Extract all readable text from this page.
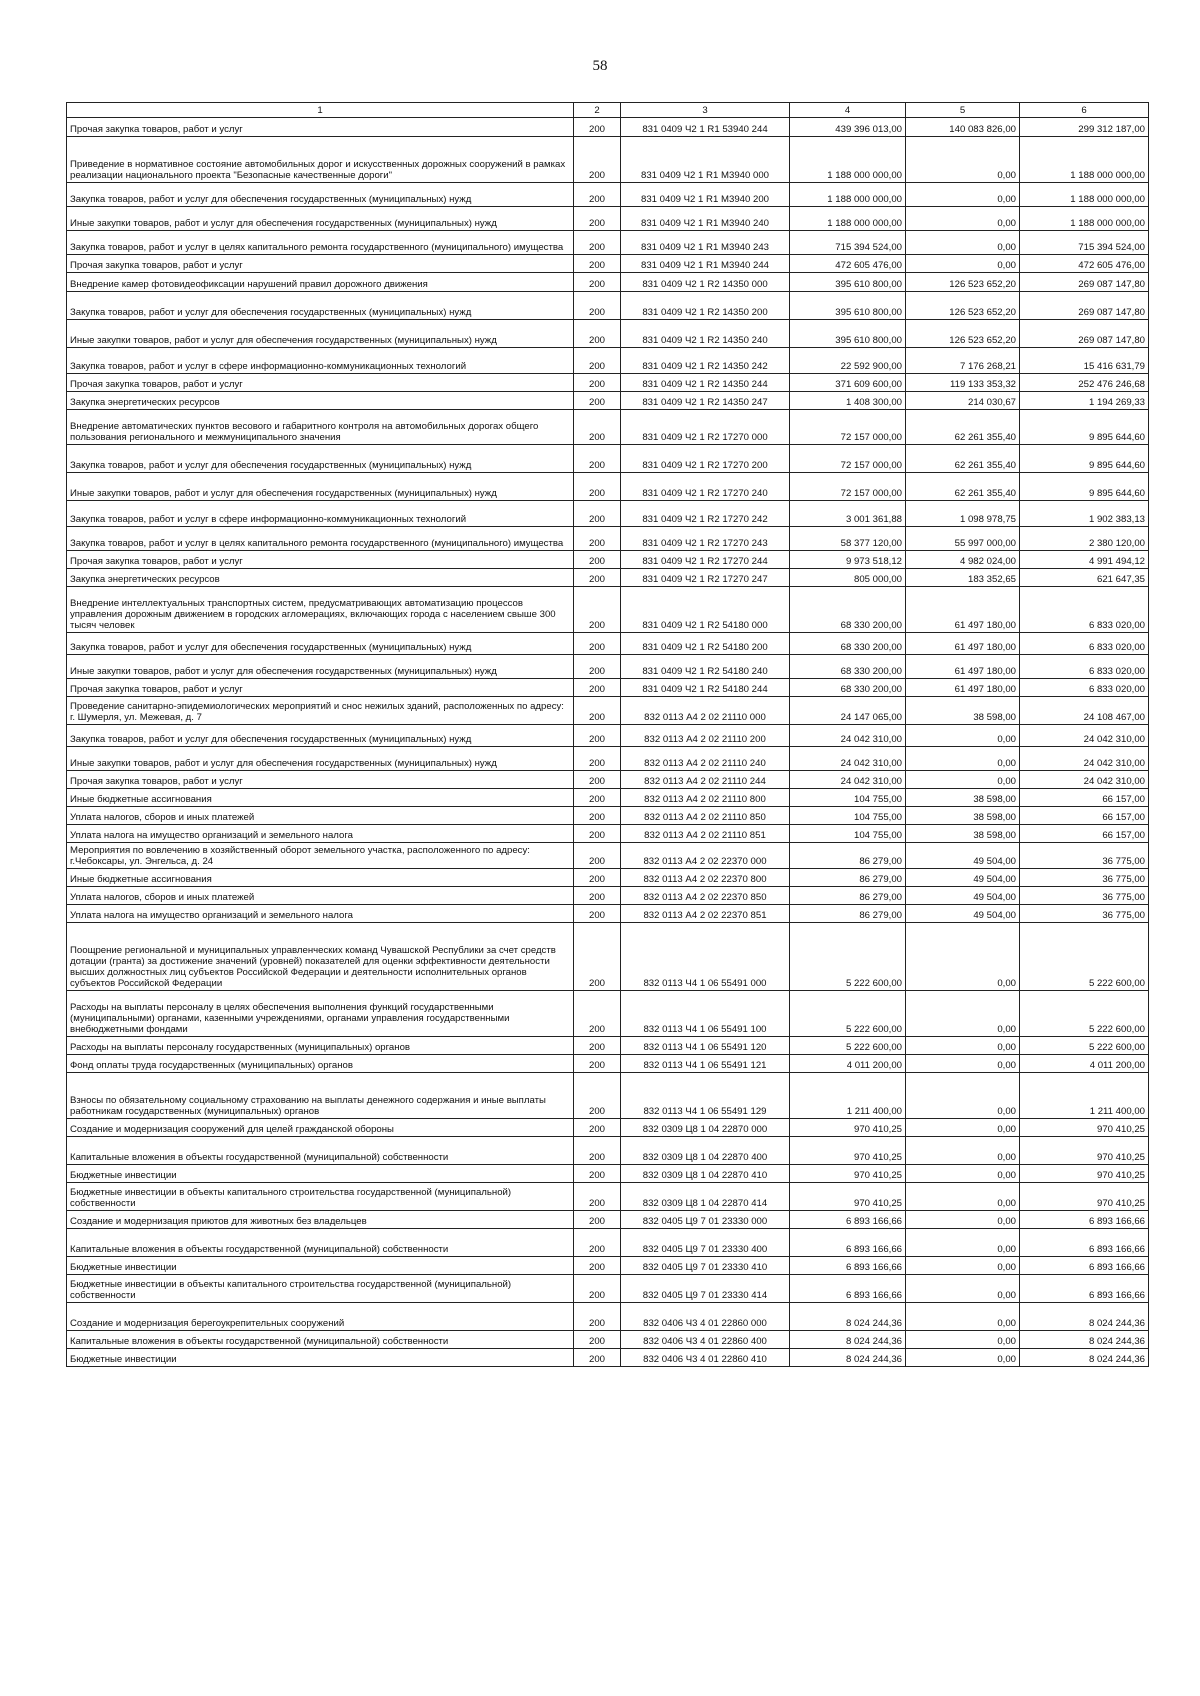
58
1	2	3	4	5	6
Прочая закупка товаров, работ и услуг	200	831 0409 Ч2 1 R1 53940 244	439 396 013,00	140 083 826,00	299 312 187,00
Приведение в нормативное состояние автомобильных дорог и искусственных дорожных сооружений в рамках реализации национального проекта "Безопасные качественные дороги"	200	831 0409 Ч2 1 R1 M3940 000	1 188 000 000,00	0,00	1 188 000 000,00
Закупка товаров, работ и услуг для обеспечения государственных (муниципальных) нужд	200	831 0409 Ч2 1 R1 M3940 200	1 188 000 000,00	0,00	1 188 000 000,00
Иные закупки товаров, работ и услуг для обеспечения государственных (муниципальных) нужд	200	831 0409 Ч2 1 R1 M3940 240	1 188 000 000,00	0,00	1 188 000 000,00
Закупка товаров, работ и услуг в целях капитального ремонта государственного (муниципального) имущества	200	831 0409 Ч2 1 R1 M3940 243	715 394 524,00	0,00	715 394 524,00
Прочая закупка товаров, работ и услуг	200	831 0409 Ч2 1 R1 M3940 244	472 605 476,00	0,00	472 605 476,00
Внедрение камер фотовидеофиксации нарушений правил дорожного движения	200	831 0409 Ч2 1 R2 14350 000	395 610 800,00	126 523 652,20	269 087 147,80
Закупка товаров, работ и услуг для обеспечения государственных (муниципальных) нужд	200	831 0409 Ч2 1 R2 14350 200	395 610 800,00	126 523 652,20	269 087 147,80
Иные закупки товаров, работ и услуг для обеспечения государственных (муниципальных) нужд	200	831 0409 Ч2 1 R2 14350 240	395 610 800,00	126 523 652,20	269 087 147,80
Закупка товаров, работ и услуг в сфере информационно-коммуникационных технологий	200	831 0409 Ч2 1 R2 14350 242	22 592 900,00	7 176 268,21	15 416 631,79
Прочая закупка товаров, работ и услуг	200	831 0409 Ч2 1 R2 14350 244	371 609 600,00	119 133 353,32	252 476 246,68
Закупка энергетических ресурсов	200	831 0409 Ч2 1 R2 14350 247	1 408 300,00	214 030,67	1 194 269,33
Внедрение автоматических пунктов весового и габаритного контроля на автомобильных дорогах общего пользования регионального и межмуниципального значения	200	831 0409 Ч2 1 R2 17270 000	72 157 000,00	62 261 355,40	9 895 644,60
Закупка товаров, работ и услуг для обеспечения государственных (муниципальных) нужд	200	831 0409 Ч2 1 R2 17270 200	72 157 000,00	62 261 355,40	9 895 644,60
Иные закупки товаров, работ и услуг для обеспечения государственных (муниципальных) нужд	200	831 0409 Ч2 1 R2 17270 240	72 157 000,00	62 261 355,40	9 895 644,60
Закупка товаров, работ и услуг в сфере информационно-коммуникационных технологий	200	831 0409 Ч2 1 R2 17270 242	3 001 361,88	1 098 978,75	1 902 383,13
Закупка товаров, работ и услуг в целях капитального ремонта государственного (муниципального) имущества	200	831 0409 Ч2 1 R2 17270 243	58 377 120,00	55 997 000,00	2 380 120,00
Прочая закупка товаров, работ и услуг	200	831 0409 Ч2 1 R2 17270 244	9 973 518,12	4 982 024,00	4 991 494,12
Закупка энергетических ресурсов	200	831 0409 Ч2 1 R2 17270 247	805 000,00	183 352,65	621 647,35
Внедрение интеллектуальных транспортных систем, предусматривающих автоматизацию процессов управления дорожным движением в городских агломерациях, включающих города с населением свыше 300 тысяч человек	200	831 0409 Ч2 1 R2 54180 000	68 330 200,00	61 497 180,00	6 833 020,00
Закупка товаров, работ и услуг для обеспечения государственных (муниципальных) нужд	200	831 0409 Ч2 1 R2 54180 200	68 330 200,00	61 497 180,00	6 833 020,00
Иные закупки товаров, работ и услуг для обеспечения государственных (муниципальных) нужд	200	831 0409 Ч2 1 R2 54180 240	68 330 200,00	61 497 180,00	6 833 020,00
Прочая закупка товаров, работ и услуг	200	831 0409 Ч2 1 R2 54180 244	68 330 200,00	61 497 180,00	6 833 020,00
Проведение санитарно-эпидемиологических мероприятий и снос нежилых зданий, расположенных по адресу: г. Шумерля, ул. Межевая, д. 7	200	832 0113 А4 2 02 21110 000	24 147 065,00	38 598,00	24 108 467,00
Закупка товаров, работ и услуг для обеспечения государственных (муниципальных) нужд	200	832 0113 А4 2 02 21110 200	24 042 310,00	0,00	24 042 310,00
Иные закупки товаров, работ и услуг для обеспечения государственных (муниципальных) нужд	200	832 0113 А4 2 02 21110 240	24 042 310,00	0,00	24 042 310,00
Прочая закупка товаров, работ и услуг	200	832 0113 А4 2 02 21110 244	24 042 310,00	0,00	24 042 310,00
Иные бюджетные ассигнования	200	832 0113 А4 2 02 21110 800	104 755,00	38 598,00	66 157,00
Уплата налогов, сборов и иных платежей	200	832 0113 А4 2 02 21110 850	104 755,00	38 598,00	66 157,00
Уплата налога на имущество организаций и земельного налога	200	832 0113 А4 2 02 21110 851	104 755,00	38 598,00	66 157,00
Мероприятия по вовлечению в хозяйственный оборот земельного участка, расположенного по адресу: г.Чебоксары, ул. Энгельса, д. 24	200	832 0113 А4 2 02 22370 000	86 279,00	49 504,00	36 775,00
Иные бюджетные ассигнования	200	832 0113 А4 2 02 22370 800	86 279,00	49 504,00	36 775,00
Уплата налогов, сборов и иных платежей	200	832 0113 А4 2 02 22370 850	86 279,00	49 504,00	36 775,00
Уплата налога на имущество организаций и земельного налога	200	832 0113 А4 2 02 22370 851	86 279,00	49 504,00	36 775,00
Поощрение региональной и муниципальных управленческих команд Чувашской Республики за счет средств дотации (гранта) за достижение значений (уровней) показателей для оценки эффективности деятельности высших должностных лиц субъектов Российской Федерации и деятельности исполнительных органов субъектов Российской Федерации	200	832 0113 Ч4 1 06 55491 000	5 222 600,00	0,00	5 222 600,00
Расходы на выплаты персоналу в целях обеспечения выполнения функций государственными (муниципальными) органами, казенными учреждениями, органами управления государственными внебюджетными фондами	200	832 0113 Ч4 1 06 55491 100	5 222 600,00	0,00	5 222 600,00
Расходы на выплаты персоналу государственных (муниципальных) органов	200	832 0113 Ч4 1 06 55491 120	5 222 600,00	0,00	5 222 600,00
Фонд оплаты труда государственных (муниципальных) органов	200	832 0113 Ч4 1 06 55491 121	4 011 200,00	0,00	4 011 200,00
Взносы по обязательному социальному страхованию на выплаты денежного содержания и иные выплаты работникам государственных (муниципальных) органов	200	832 0113 Ч4 1 06 55491 129	1 211 400,00	0,00	1 211 400,00
Создание и модернизация сооружений для целей гражданской обороны	200	832 0309 Ц8 1 04 22870 000	970 410,25	0,00	970 410,25
Капитальные вложения в объекты государственной (муниципальной) собственности	200	832 0309 Ц8 1 04 22870 400	970 410,25	0,00	970 410,25
Бюджетные инвестиции	200	832 0309 Ц8 1 04 22870 410	970 410,25	0,00	970 410,25
Бюджетные инвестиции в объекты капитального строительства государственной (муниципальной) собственности	200	832 0309 Ц8 1 04 22870 414	970 410,25	0,00	970 410,25
Создание и модернизация приютов для животных без владельцев	200	832 0405 Ц9 7 01 23330 000	6 893 166,66	0,00	6 893 166,66
Капитальные вложения в объекты государственной (муниципальной) собственности	200	832 0405 Ц9 7 01 23330 400	6 893 166,66	0,00	6 893 166,66
Бюджетные инвестиции	200	832 0405 Ц9 7 01 23330 410	6 893 166,66	0,00	6 893 166,66
Бюджетные инвестиции в объекты капитального строительства государственной (муниципальной) собственности	200	832 0405 Ц9 7 01 23330 414	6 893 166,66	0,00	6 893 166,66
Создание и модернизация берегоукрепительных сооружений	200	832 0406 Ч3 4 01 22860 000	8 024 244,36	0,00	8 024 244,36
Капитальные вложения в объекты государственной (муниципальной) собственности	200	832 0406 Ч3 4 01 22860 400	8 024 244,36	0,00	8 024 244,36
Бюджетные инвестиции	200	832 0406 Ч3 4 01 22860 410	8 024 244,36	0,00	8 024 244,36
